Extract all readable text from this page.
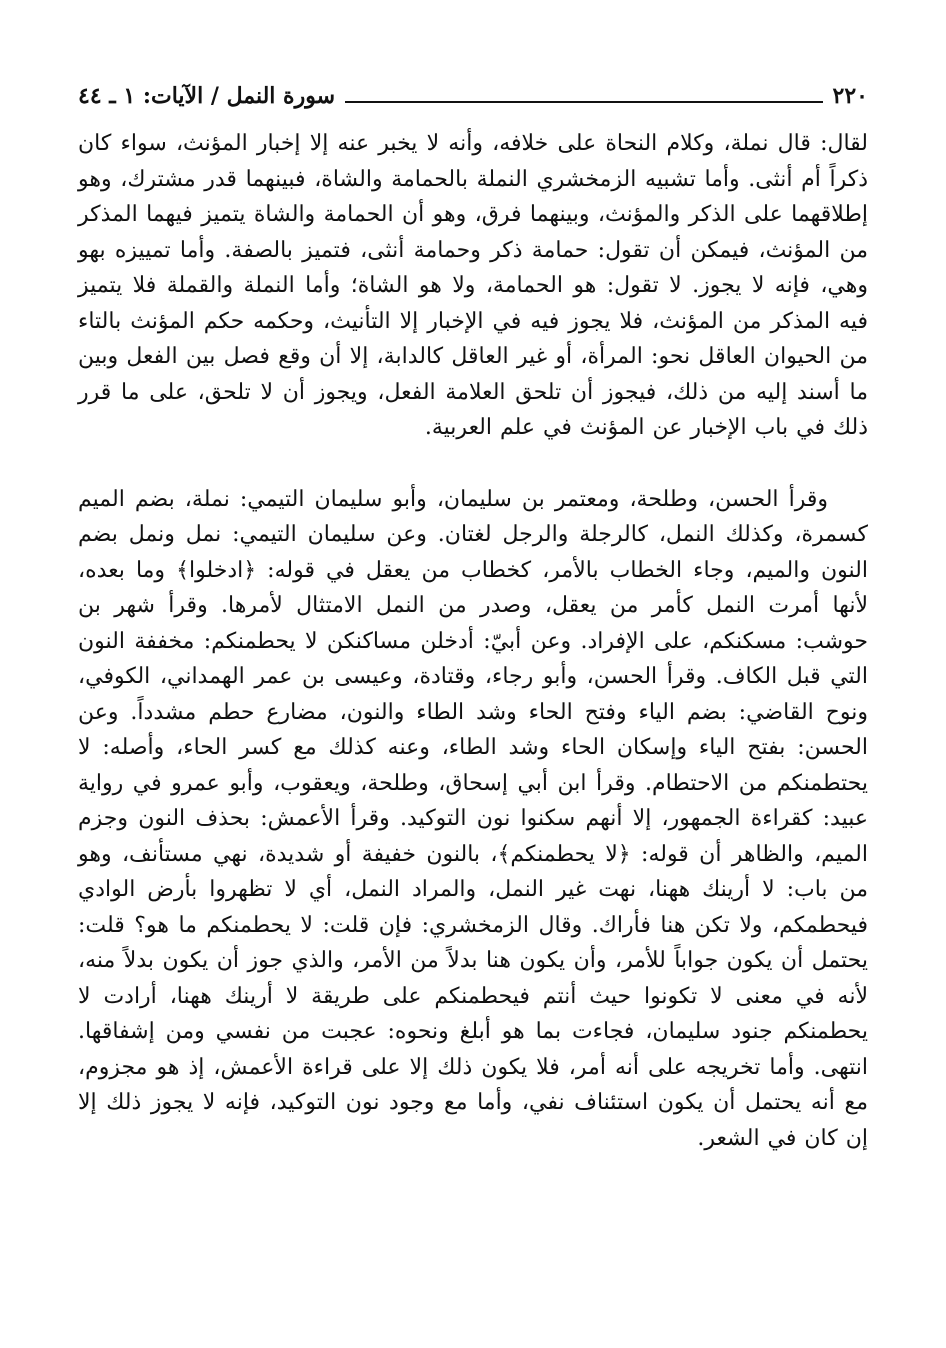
٢٢٠
سورة النمل / الآيات: ١ ـ ٤٤

لقال: قال نملة، وكلام النحاة على خلافه، وأنه لا يخبر عنه إلا إخبار المؤنث، سواء كان ذكراً أم أنثى. وأما تشبيه الزمخشري النملة بالحمامة والشاة، فبينهما قدر مشترك، وهو إطلاقهما على الذكر والمؤنث، وبينهما فرق، وهو أن الحمامة والشاة يتميز فيهما المذكر من المؤنث، فيمكن أن تقول: حمامة ذكر وحمامة أنثى، فتميز بالصفة. وأما تمييزه بهو وهي، فإنه لا يجوز. لا تقول: هو الحمامة، ولا هو الشاة؛ وأما النملة والقملة فلا يتميز فيه المذكر من المؤنث، فلا يجوز فيه في الإخبار إلا التأنيث، وحكمه حكم المؤنث بالتاء من الحيوان العاقل نحو: المرأة، أو غير العاقل كالدابة، إلا أن وقع فصل بين الفعل وبين ما أسند إليه من ذلك، فيجوز أن تلحق العلامة الفعل، ويجوز أن لا تلحق، على ما قرر ذلك في باب الإخبار عن المؤنث في علم العربية.

وقرأ الحسن، وطلحة، ومعتمر بن سليمان، وأبو سليمان التيمي: نملة، بضم الميم كسمرة، وكذلك النمل، كالرجلة والرجل لغتان. وعن سليمان التيمي: نمل ونمل بضم النون والميم، وجاء الخطاب بالأمر، كخطاب من يعقل في قوله: ﴿ادخلوا﴾ وما بعده، لأنها أمرت النمل كأمر من يعقل، وصدر من النمل الامتثال لأمرها. وقرأ شهر بن حوشب: مسكنكم، على الإفراد. وعن أبيّ: أدخلن مساكنكن لا يحطمنكم: مخففة النون التي قبل الكاف. وقرأ الحسن، وأبو رجاء، وقتادة، وعيسى بن عمر الهمداني، الكوفي، ونوح القاضي: بضم الياء وفتح الحاء وشد الطاء والنون، مضارع حطم مشدداً. وعن الحسن: بفتح الياء وإسكان الحاء وشد الطاء، وعنه كذلك مع كسر الحاء، وأصله: لا يحتطمنكم من الاحتطام. وقرأ ابن أبي إسحاق، وطلحة، ويعقوب، وأبو عمرو في رواية عبيد: كقراءة الجمهور، إلا أنهم سكنوا نون التوكيد. وقرأ الأعمش: بحذف النون وجزم الميم، والظاهر أن قوله: ﴿لا يحطمنكم﴾، بالنون خفيفة أو شديدة، نهي مستأنف، وهو من باب: لا أرينك ههنا، نهت غير النمل، والمراد النمل، أي لا تظهروا بأرض الوادي فيحطمكم، ولا تكن هنا فأراك. وقال الزمخشري: فإن قلت: لا يحطمنكم ما هو؟ قلت: يحتمل أن يكون جواباً للأمر، وأن يكون هنا بدلاً من الأمر، والذي جوز أن يكون بدلاً منه، لأنه في معنى لا تكونوا حيث أنتم فيحطمنكم على طريقة لا أرينك ههنا، أرادت لا يحطمنكم جنود سليمان، فجاءت بما هو أبلغ ونحوه: عجبت من نفسي ومن إشفاقها. انتهى. وأما تخريجه على أنه أمر، فلا يكون ذلك إلا على قراءة الأعمش، إذ هو مجزوم، مع أنه يحتمل أن يكون استئناف نفي، وأما مع وجود نون التوكيد، فإنه لا يجوز ذلك إلا إن كان في الشعر.
